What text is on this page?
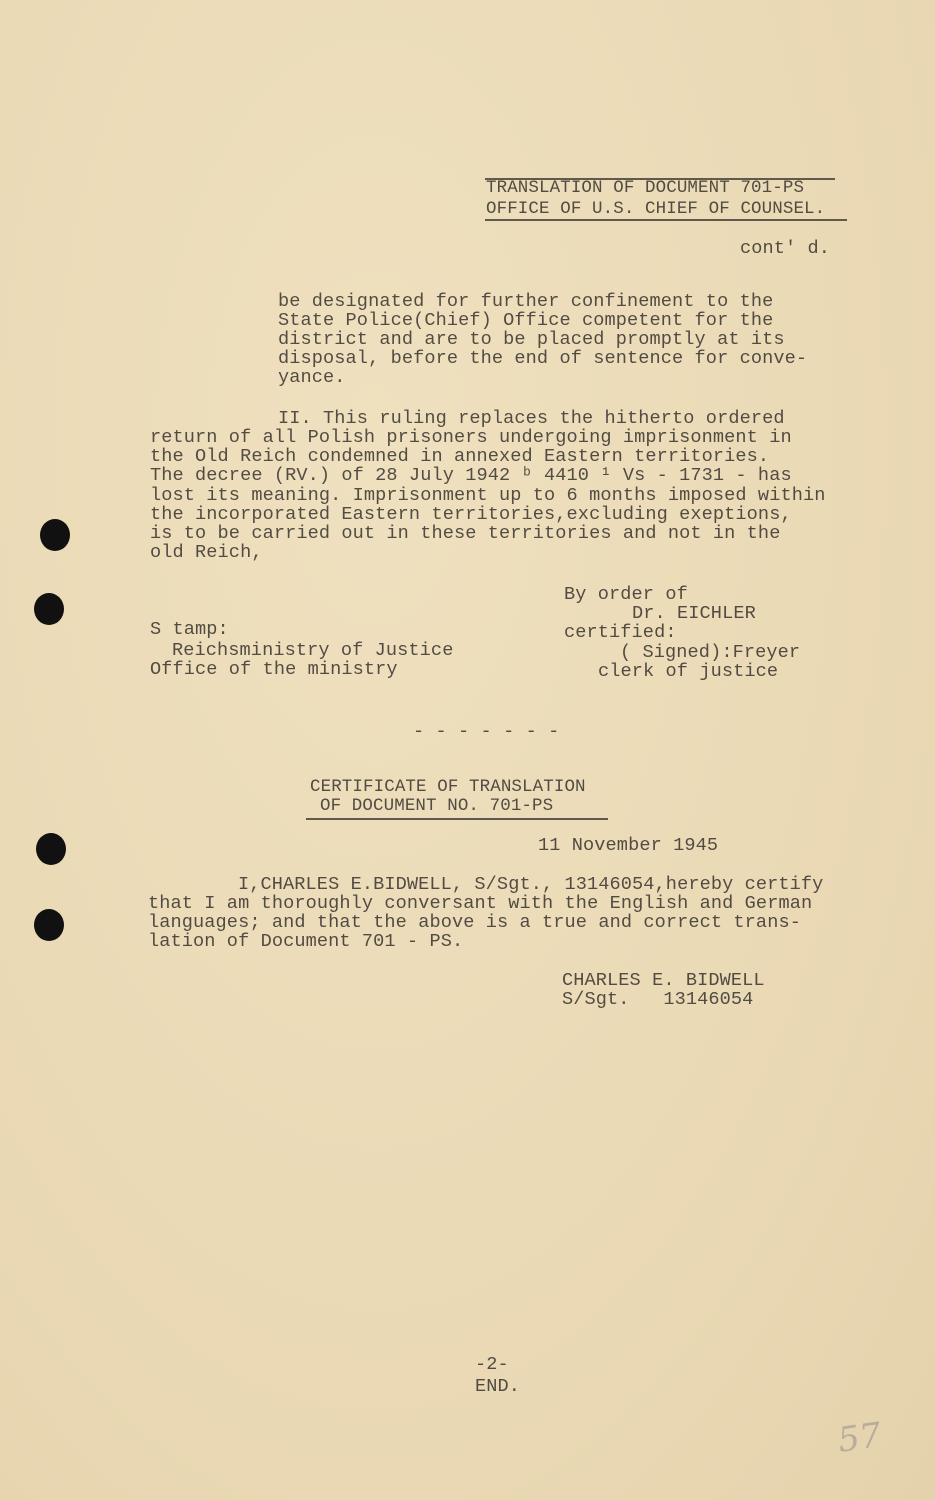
TRANSLATION OF DOCUMENT 701-PS
OFFICE OF U.S. CHIEF OF COUNSEL.
cont' d.
be designated for further confinement to the
State Police(Chief) Office competent for the
district and are to be placed promptly at its
disposal, before the end of sentence for conve-
yance.
II. This ruling replaces the hitherto ordered
return of all Polish prisoners undergoing imprisonment in
the Old Reich condemned in annexed Eastern territories.
The decree (RV.) of 28 July 1942 ᵇ 4410 ¹ Vs - 1731 - has
lost its meaning. Imprisonment up to 6 months imposed within
the incorporated Eastern territories,excluding exeptions,
is to be carried out in these territories and not in the
old Reich,
By order of
Dr. EICHLER
certified:
( Signed):Freyer
clerk of justice
S tamp:
Reichsministry of Justice
Office of the ministry
- - - - - - -
CERTIFICATE OF TRANSLATION
OF DOCUMENT NO. 701-PS
11 November 1945
I,CHARLES E.BIDWELL, S/Sgt., 13146054,hereby certify
that I am thoroughly conversant with the English and German
languages; and that the above is a true and correct trans-
lation of Document 701 - PS.
CHARLES E. BIDWELL
S/Sgt.   13146054
-2-
END.
57
